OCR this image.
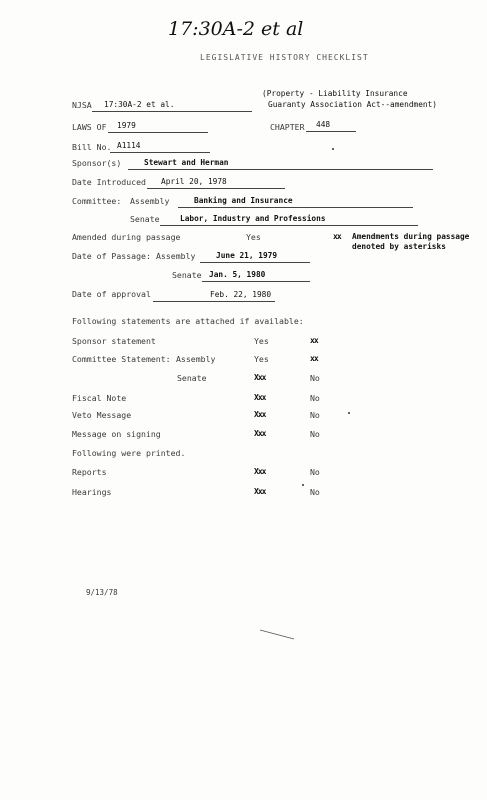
17:30A-2 et al
LEGISLATIVE HISTORY CHECKLIST
NJSA 17:30A-2 et al.
(Property - Liability Insurance
Guaranty Association Act--amendment)
LAWS OF 1979	CHAPTER 448
Bill No. A1114
Sponsor(s)	Stewart and Herman
Date Introduced April 20, 1978
Committee: Assembly	Banking and Insurance
Senate	Labor, Industry and Professions
Amended during passage	Yes	xx Amendments during passage
denoted by asterisks
Date of Passage: Assembly	June 21, 1979
Senate Jan. 5, 1980
Date of approval	Feb. 22, 1980
Following statements are attached if available:
Sponsor statement	Yes	xx
Committee Statement: Assembly	Yes	xx
Senate	Xxx	No
Fiscal Note	Xxx	No
Veto Message	Xxx	No
Message on signing	Xxx	No
Following were printed.
Reports	Xxx	No
Hearings	Xxx	No
9/13/78
